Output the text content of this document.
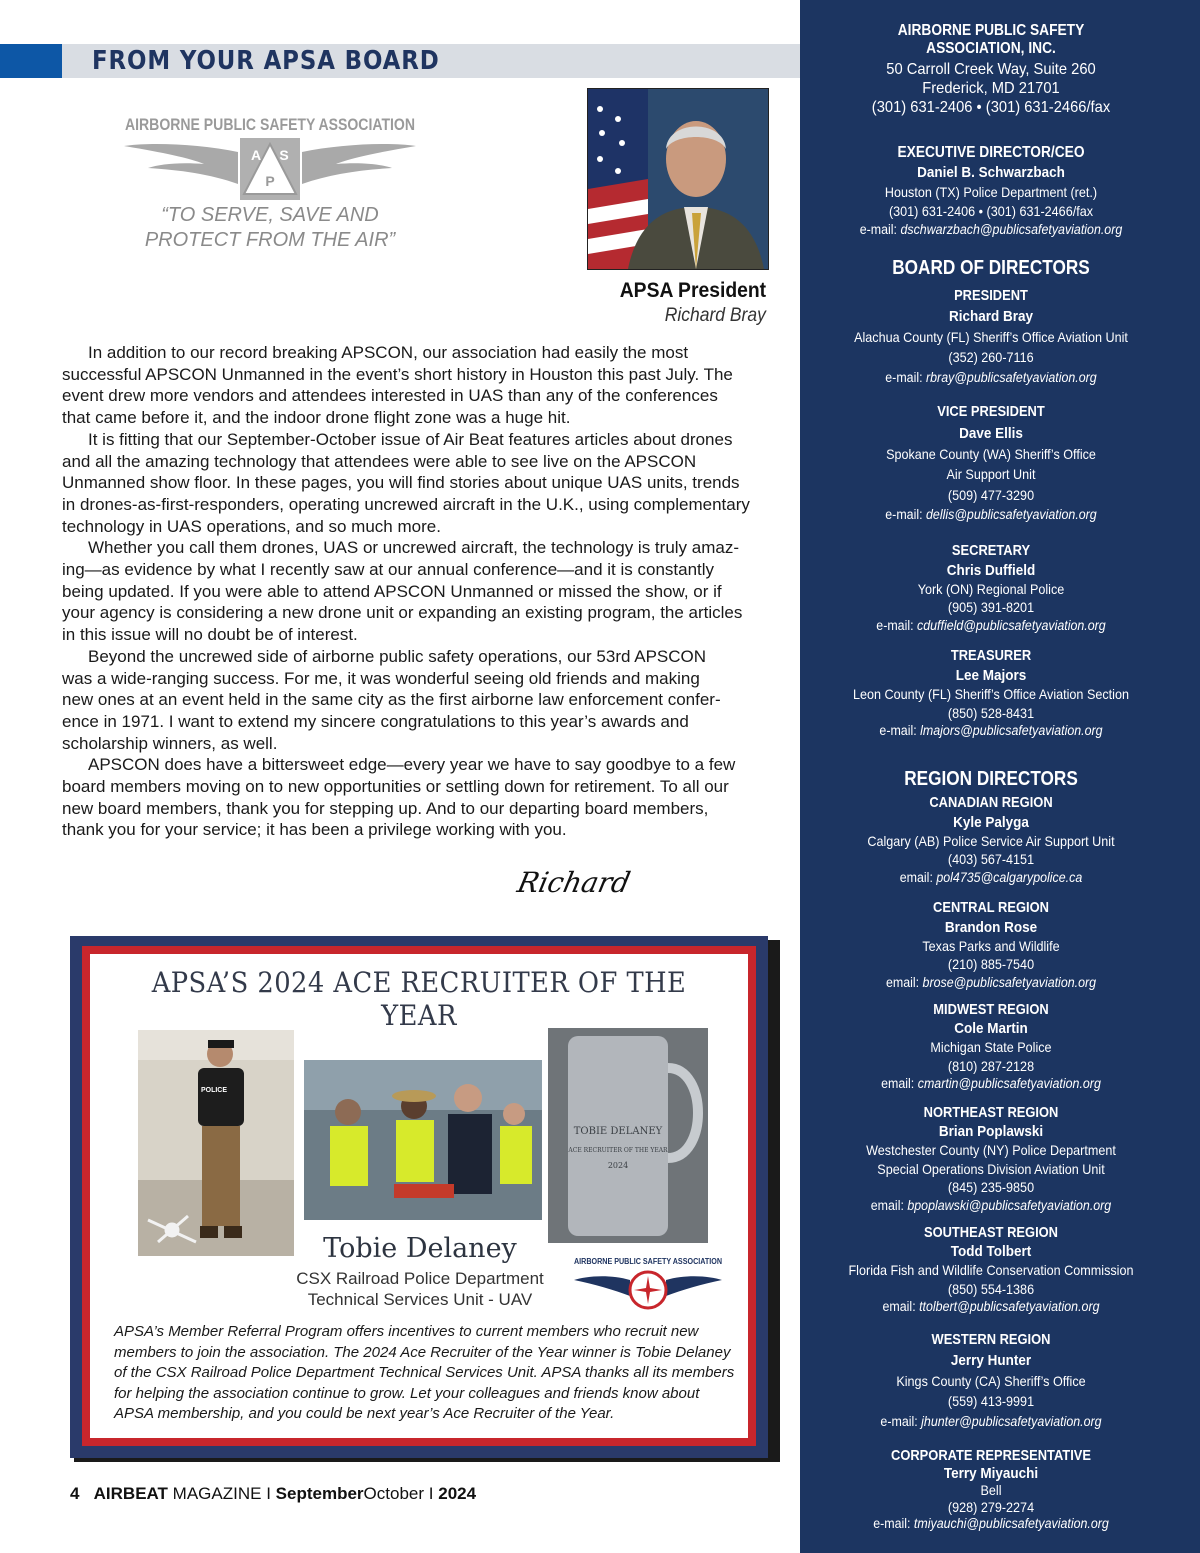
FROM YOUR APSA BOARD
AIRBORNE PUBLIC SAFETY ASSOCIATION
A S
P
“TO SERVE, SAVE AND
PROTECT FROM THE AIR”
APSA President
Richard Bray

In addition to our record breaking APSCON, our association had easily the most
successful APSCON Unmanned in the event’s short history in Houston this past July. The
event drew more vendors and attendees interested in UAS than any of the conferences
that came before it, and the indoor drone flight zone was a huge hit.

It is fitting that our September-October issue of Air Beat features articles about drones
and all the amazing technology that attendees were able to see live on the APSCON
Unmanned show floor. In these pages, you will find stories about unique UAS units, trends
in drones-as-first-responders, operating uncrewed aircraft in the U.K., using complementary
technology in UAS operations, and so much more.

Whether you call them drones, UAS or uncrewed aircraft, the technology is truly amaz-
ing—as evidence by what I recently saw at our annual conference—and it is constantly
being updated. If you were able to attend APSCON Unmanned or missed the show, or if
your agency is considering a new drone unit or expanding an existing program, the articles
in this issue will no doubt be of interest.

Beyond the uncrewed side of airborne public safety operations, our 53rd APSCON
was a wide-ranging success. For me, it was wonderful seeing old friends and making
new ones at an event held in the same city as the first airborne law enforcement confer-
ence in 1971. I want to extend my sincere congratulations to this year’s awards and
scholarship winners, as well.

APSCON does have a bittersweet edge—every year we have to say goodbye to a few
board members moving on to new opportunities or settling down for retirement. To all our
new board members, thank you for stepping up. And to our departing board members,
thank you for your service; it has been a privilege working with you.

Richard
APSA’S 2024 ACE RECRUITER OF THE YEAR
POLICE
TOBIE DELANEY
ACE RECRUITER OF THE YEAR
2024
Tobie Delaney
CSX Railroad Police Department
Technical Services Unit - UAV
AIRBORNE PUBLIC SAFETY ASSOCIATION
APSA’s Member Referral Program offers incentives to current members who recruit new
members to join the association. The 2024 Ace Recruiter of the Year winner is Tobie Delaney
of the CSX Railroad Police Department Technical Services Unit. APSA thanks all its members
for helping the association continue to grow. Let your colleagues and friends know about
APSA membership, and you could be next year’s Ace Recruiter of the Year.
4 AIRBEAT MAGAZINE I SeptemberOctober I 2024
AIRBORNE PUBLIC SAFETY
ASSOCIATION, INC.
50 Carroll Creek Way, Suite 260
Frederick, MD 21701
(301) 631-2406 • (301) 631-2466/fax
EXECUTIVE DIRECTOR/CEO
Daniel B. Schwarzbach
Houston (TX) Police Department (ret.)
(301) 631-2406 • (301) 631-2466/fax
e-mail: dschwarzbach@publicsafetyaviation.org
BOARD OF DIRECTORS
PRESIDENT
Richard Bray
Alachua County (FL) Sheriff’s Office Aviation Unit
(352) 260-7116
e-mail: rbray@publicsafetyaviation.org
VICE PRESIDENT
Dave Ellis
Spokane County (WA) Sheriff’s Office
Air Support Unit
(509) 477-3290
e-mail: dellis@publicsafetyaviation.org
SECRETARY
Chris Duffield
York (ON) Regional Police
(905) 391-8201
e-mail: cduffield@publicsafetyaviation.org
TREASURER
Lee Majors
Leon County (FL) Sheriff’s Office Aviation Section
(850) 528-8431
e-mail: lmajors@publicsafetyaviation.org
REGION DIRECTORS
CANADIAN REGION
Kyle Palyga
Calgary (AB) Police Service Air Support Unit
(403) 567-4151
email: pol4735@calgarypolice.ca
CENTRAL REGION
Brandon Rose
Texas Parks and Wildlife
(210) 885-7540
email: brose@publicsafetyaviation.org
MIDWEST REGION
Cole Martin
Michigan State Police
(810) 287-2128
email: cmartin@publicsafetyaviation.org
NORTHEAST REGION
Brian Poplawski
Westchester County (NY) Police Department
Special Operations Division Aviation Unit
(845) 235-9850
email: bpoplawski@publicsafetyaviation.org
SOUTHEAST REGION
Todd Tolbert
Florida Fish and Wildlife Conservation Commission
(850) 554-1386
email: ttolbert@publicsafetyaviation.org
WESTERN REGION
Jerry Hunter
Kings County (CA) Sheriff’s Office
(559) 413-9991
e-mail: jhunter@publicsafetyaviation.org
CORPORATE REPRESENTATIVE
Terry Miyauchi
Bell
(928) 279-2274
e-mail: tmiyauchi@publicsafetyaviation.org
